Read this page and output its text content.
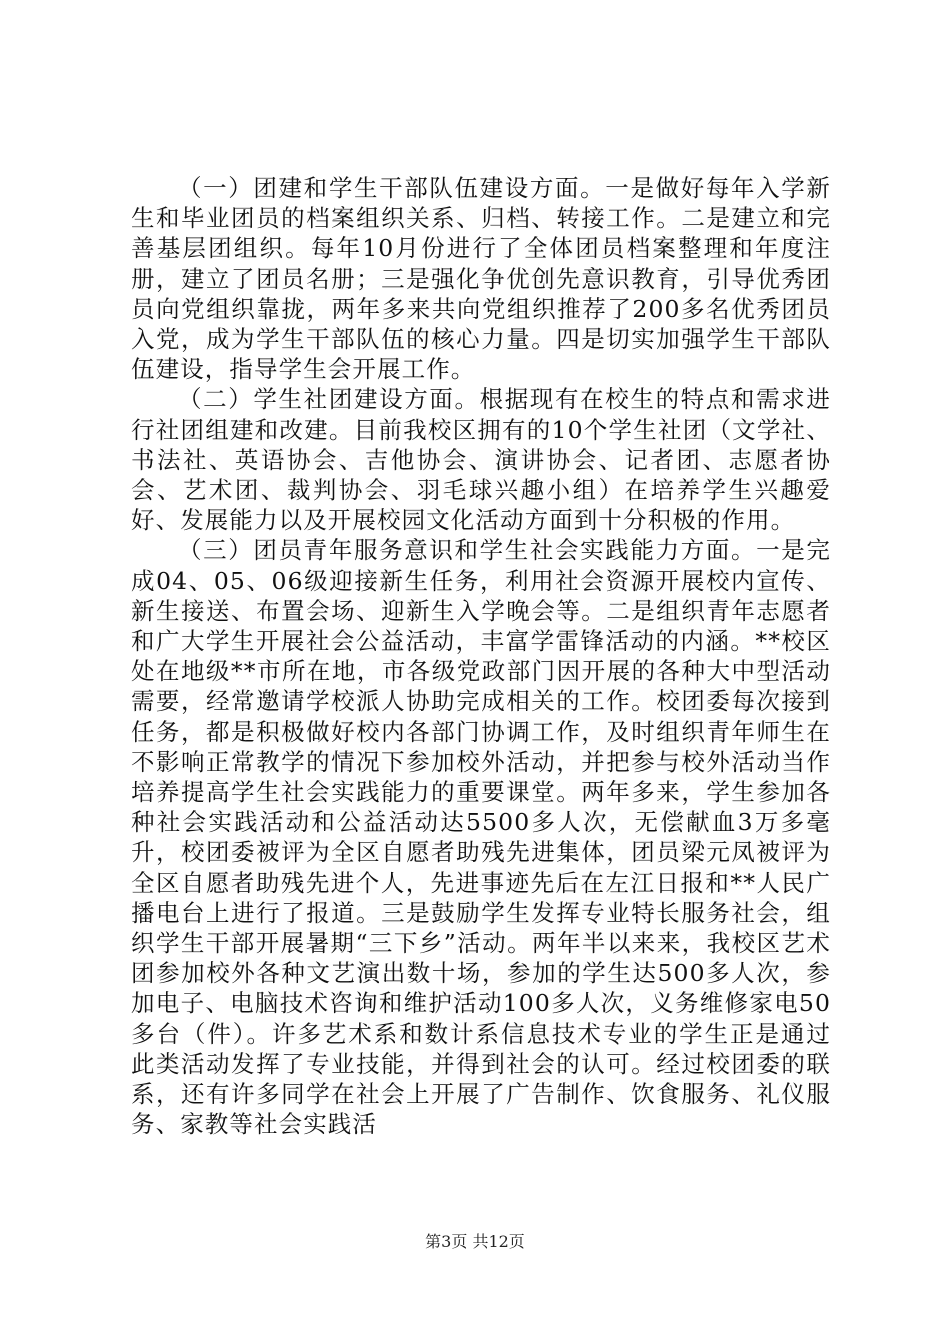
（一）团建和学生干部队伍建设方面。一是做好每年入学新生和毕业团员的档案组织关系、归档、转接工作。二是建立和完善基层团组织。每年10月份进行了全体团员档案整理和年度注册，建立了团员名册；三是强化争优创先意识教育，引导优秀团员向党组织靠拢，两年多来共向党组织推荐了200多名优秀团员入党，成为学生干部队伍的核心力量。四是切实加强学生干部队伍建设，指导学生会开展工作。

（二）学生社团建设方面。根据现有在校生的特点和需求进行社团组建和改建。目前我校区拥有的10个学生社团（文学社、书法社、英语协会、吉他协会、演讲协会、记者团、志愿者协会、艺术团、裁判协会、羽毛球兴趣小组）在培养学生兴趣爱好、发展能力以及开展校园文化活动方面到十分积极的作用。

（三）团员青年服务意识和学生社会实践能力方面。一是完成04、05、06级迎接新生任务，利用社会资源开展校内宣传、新生接送、布置会场、迎新生入学晚会等。二是组织青年志愿者和广大学生开展社会公益活动，丰富学雷锋活动的内涵。**校区处在地级**市所在地，市各级党政部门因开展的各种大中型活动需要，经常邀请学校派人协助完成相关的工作。校团委每次接到任务，都是积极做好校内各部门协调工作，及时组织青年师生在不影响正常教学的情况下参加校外活动，并把参与校外活动当作培养提高学生社会实践能力的重要课堂。两年多来，学生参加各种社会实践活动和公益活动达5500多人次，无偿献血3万多毫升，校团委被评为全区自愿者助残先进集体，团员梁元凤被评为全区自愿者助残先进个人，先进事迹先后在左江日报和**人民广播电台上进行了报道。三是鼓励学生发挥专业特长服务社会，组织学生干部开展暑期“三下乡”活动。两年半以来来，我校区艺术团参加校外各种文艺演出数十场，参加的学生达500多人次，参加电子、电脑技术咨询和维护活动100多人次，义务维修家电50多台（件）。许多艺术系和数计系信息技术专业的学生正是通过此类活动发挥了专业技能，并得到社会的认可。经过校团委的联系，还有许多同学在社会上开展了广告制作、饮食服务、礼仪服务、家教等社会实践活

第3页 共12页
